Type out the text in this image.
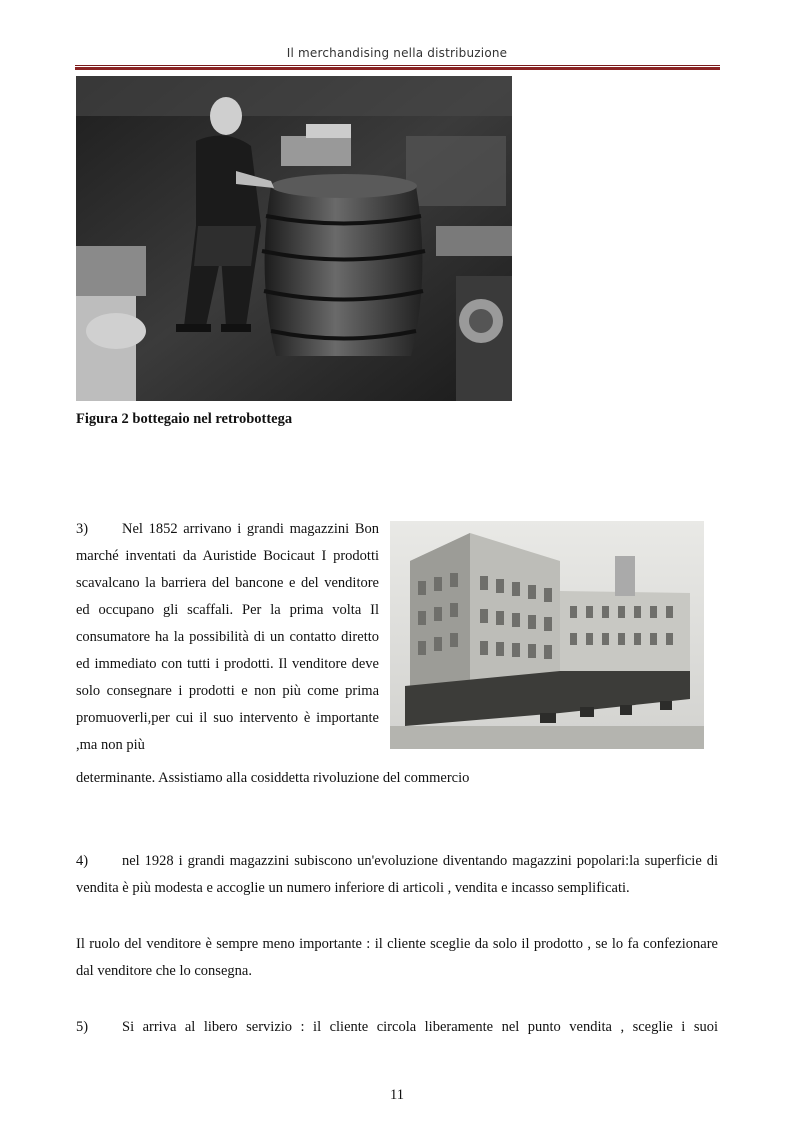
Il merchandising nella distribuzione
Figura 2 bottegaio nel retrobottega

3) Nel 1852 arrivano i grandi magazzini Bon marché inventati da Auristide Bocicaut I prodotti scavalcano la barriera del bancone e del venditore ed occupano gli scaffali. Per la prima volta Il consumatore ha la possibilità di un contatto diretto ed immediato con tutti i prodotti. Il venditore deve solo consegnare i prodotti e non più come prima promuoverli,per cui il suo intervento è importante ,ma non più

determinante. Assistiamo alla cosiddetta rivoluzione del commercio

4) nel 1928 i grandi magazzini subiscono un'evoluzione diventando magazzini popolari:la superficie di vendita è più modesta e accoglie un numero inferiore di articoli , vendita e incasso semplificati.

Il ruolo del venditore è sempre meno importante : il cliente sceglie da solo il prodotto , se lo fa confezionare dal venditore che lo consegna.

5) Si arriva al libero servizio : il cliente circola liberamente nel punto vendita , sceglie i suoi

11
